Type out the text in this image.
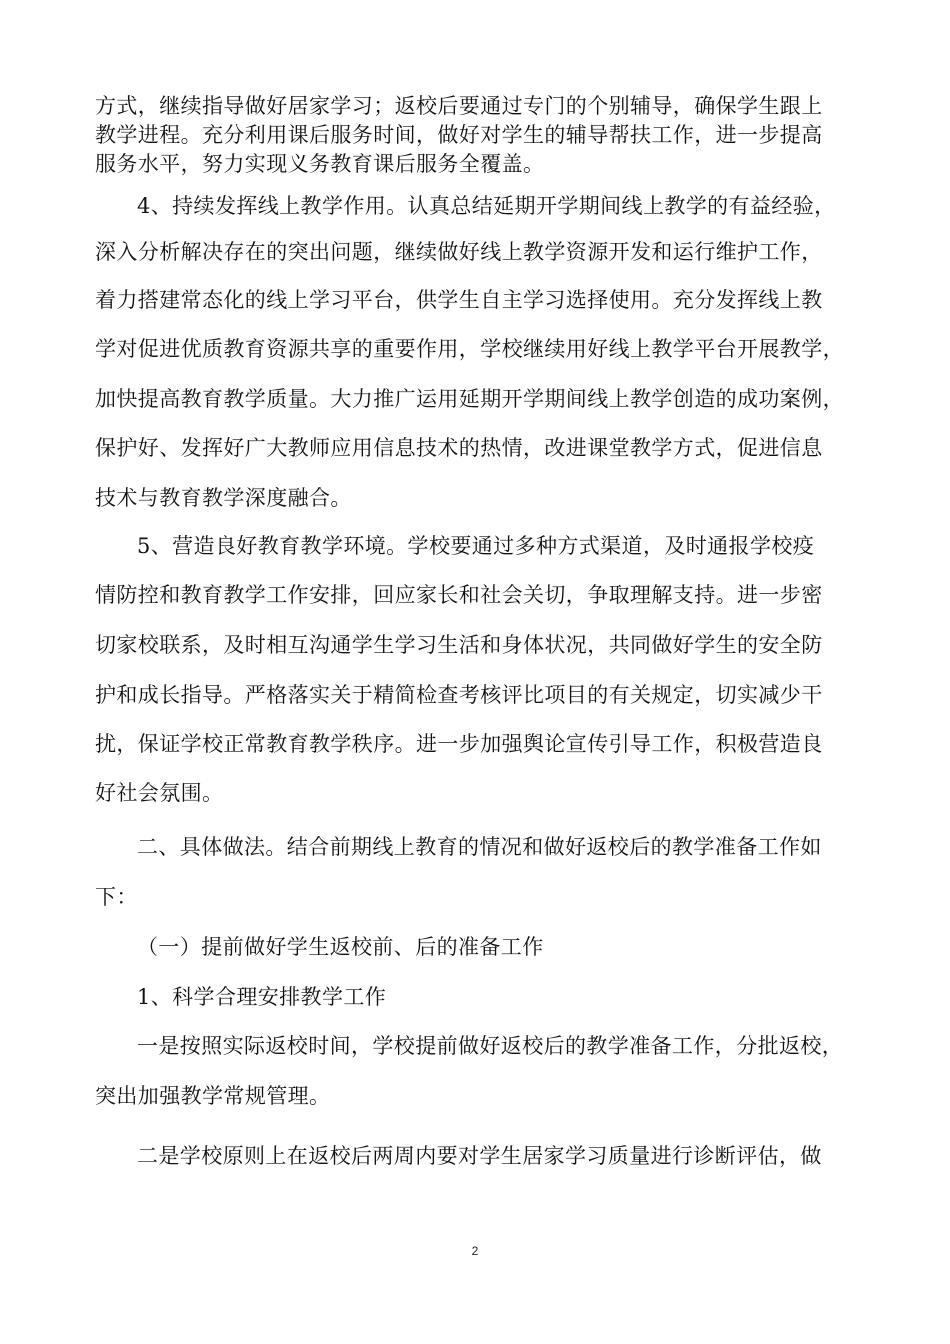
方式，继续指导做好居家学习；返校后要通过专门的个别辅导，确保学生跟上
教学进程。充分利用课后服务时间，做好对学生的辅导帮扶工作，进一步提高
服务水平，努力实现义务教育课后服务全覆盖。
4、持续发挥线上教学作用。认真总结延期开学期间线上教学的有益经验，
深入分析解决存在的突出问题，继续做好线上教学资源开发和运行维护工作，
着力搭建常态化的线上学习平台，供学生自主学习选择使用。充分发挥线上教
学对促进优质教育资源共享的重要作用，学校继续用好线上教学平台开展教学，
加快提高教育教学质量。大力推广运用延期开学期间线上教学创造的成功案例，
保护好、发挥好广大教师应用信息技术的热情，改进课堂教学方式，促进信息
技术与教育教学深度融合。
5、营造良好教育教学环境。学校要通过多种方式渠道，及时通报学校疫
情防控和教育教学工作安排，回应家长和社会关切，争取理解支持。进一步密
切家校联系，及时相互沟通学生学习生活和身体状况，共同做好学生的安全防
护和成长指导。严格落实关于精简检查考核评比项目的有关规定，切实减少干
扰，保证学校正常教育教学秩序。进一步加强舆论宣传引导工作，积极营造良
好社会氛围。
二、具体做法。结合前期线上教育的情况和做好返校后的教学准备工作如
下：
（一）提前做好学生返校前、后的准备工作
1、科学合理安排教学工作
一是按照实际返校时间，学校提前做好返校后的教学准备工作，分批返校，
突出加强教学常规管理。
二是学校原则上在返校后两周内要对学生居家学习质量进行诊断评估，做
2
